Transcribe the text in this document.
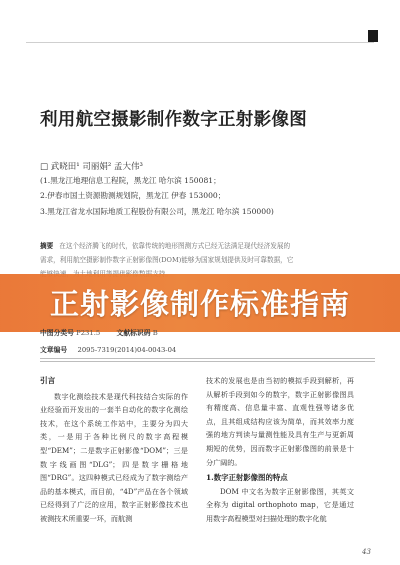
利用航空摄影制作数字正射影像图
□ 武晓田¹ 司丽娟² 孟大伟³
(1.黑龙江地理信息工程院，黑龙江 哈尔滨 150081；
2.伊春市国土资源勘测规划院，黑龙江 伊春 153000；
3.黑龙江省龙水国际地质工程股份有限公司，黑龙江 哈尔滨 150000)
摘要 在这个经济腾飞的时代，依靠传统的地形图测方式已经无法满足现代经济发展的
需求，利用航空摄影制作数字正射影像图(DOM)能够为国家规划提供及时可靠数据，它
正射影像制作标准指南
中图分类号 P231.5 文献标识码 B
文章编号 2095-7319(2014)04-0043-04
引言

数字化测绘技术是现代科技结合实际的作业经验而开发出的一套半自动化的数字化测绘技术，在这个系统工作站中，主要分为四大类，一是用于各种比例尺的数字高程模型“DEM”；二是数字正射影像“DOM”；三是数字线画图“DLG”；四是数字栅格地图“DRG”。这四种模式已经成为了数字测绘产品的基本模式，而目前，“4D”产品在各个领域已经得到了广泛的应用，数字正射影像技术也被测技术所重要一环，而航测

技术的发展也是由当初的模拟手段到解析，再从解析手段到如今的数字，数字正射影像图具有精度高、信息量丰富、直观性强等诸多优点，且其组成结构应该为简单，而其效率力度强的地方判读与量测性能及具有生产与更新周期短的优势，因而数字正射影像图的前景是十分广阔的。

1.数字正射影像图的特点

DOM 中文名为数字正射影像图，其英文全称为 digital orthophoto map，它是通过用数字高程模型对扫描处理的数字化航

43
